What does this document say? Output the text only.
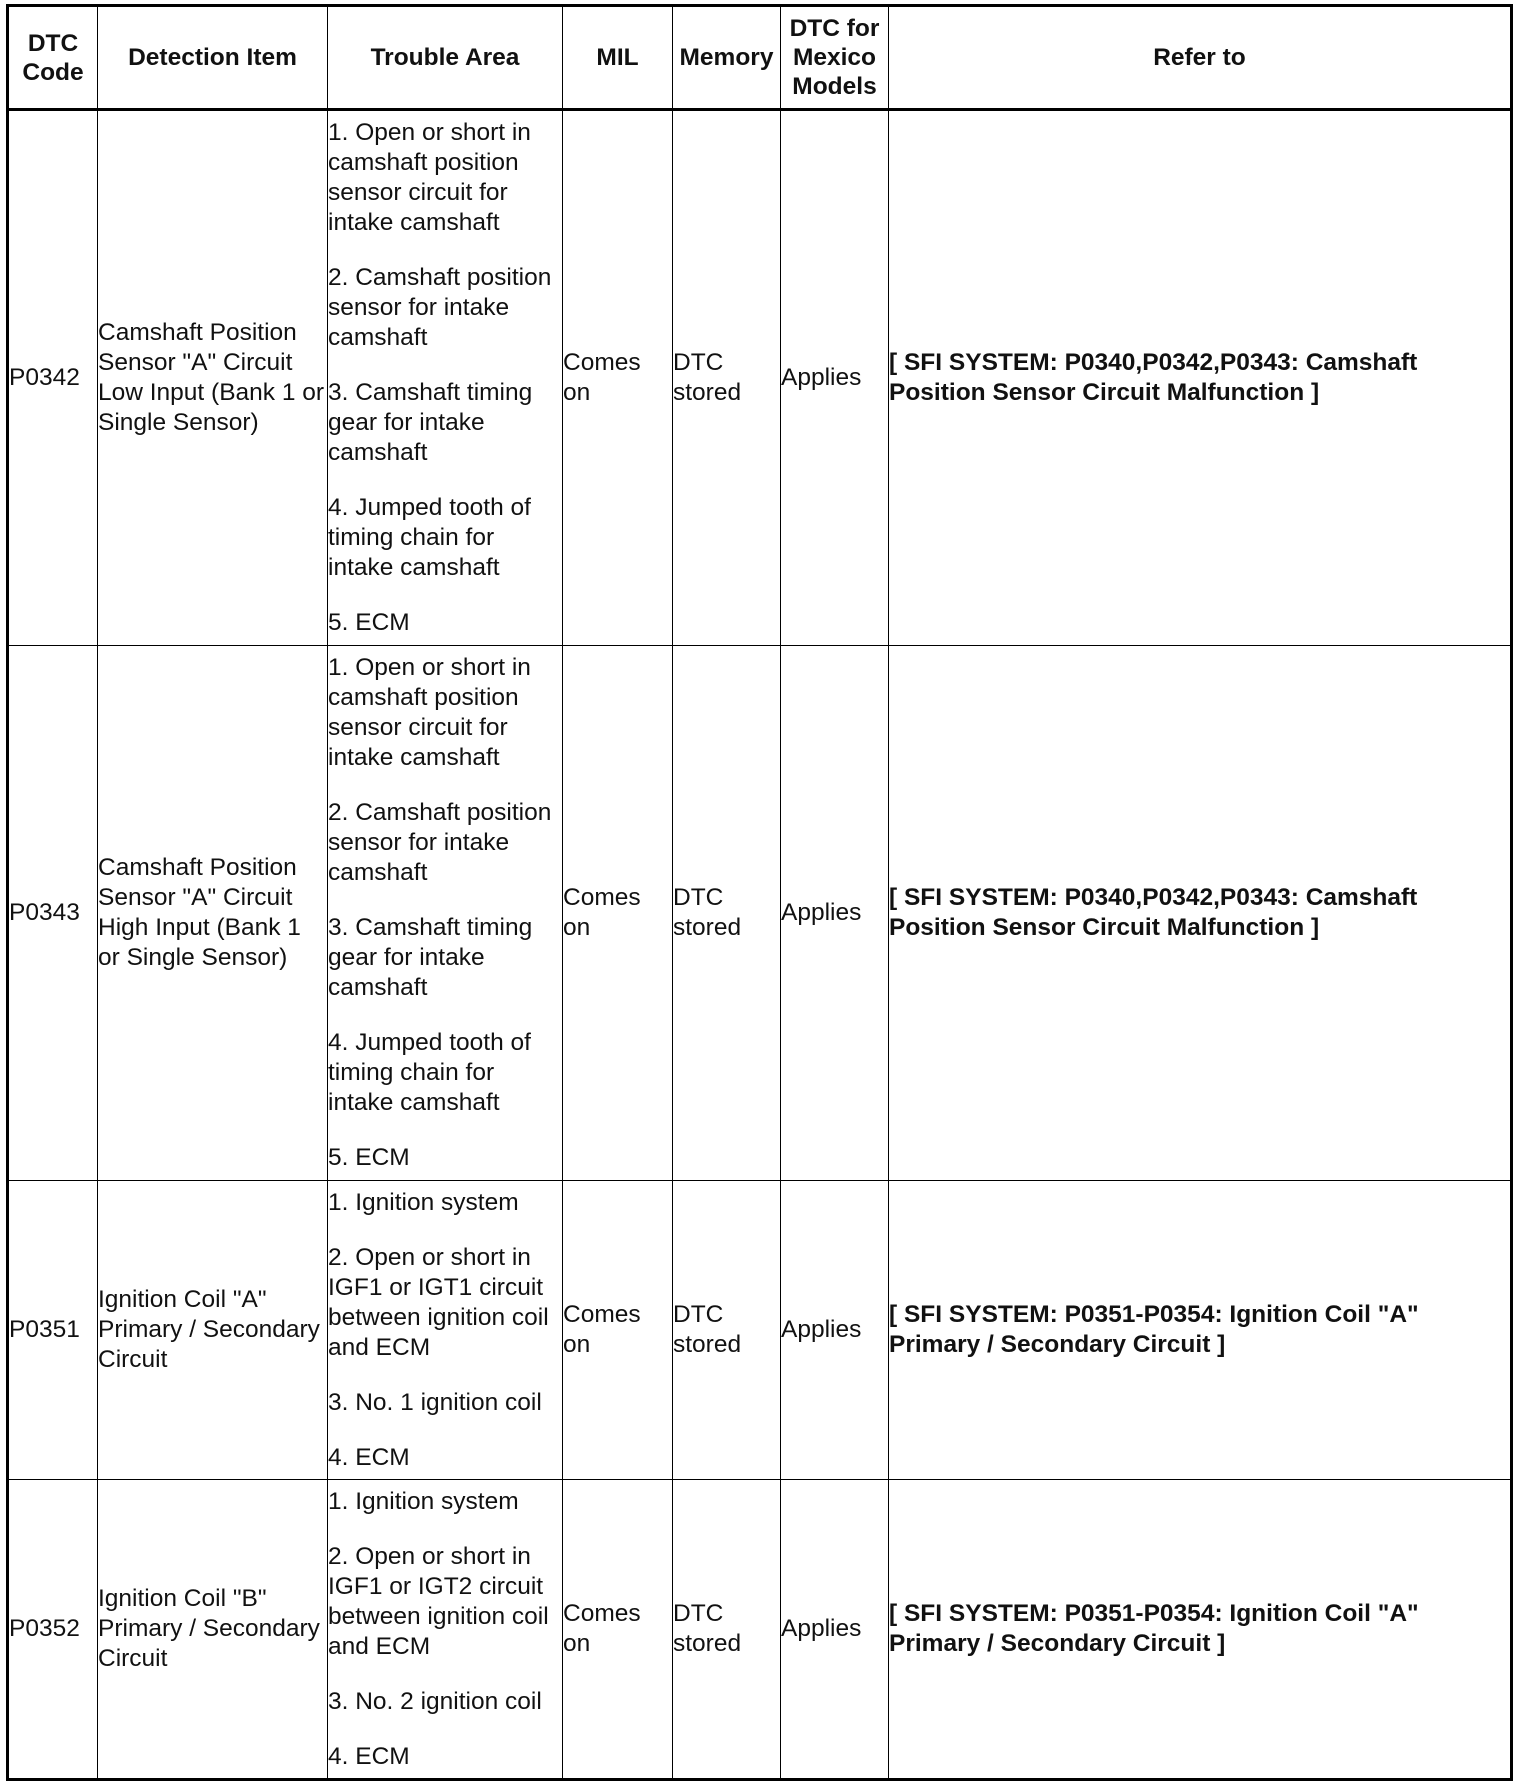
DTC Code	Detection Item	Trouble Area	MIL	Memory	DTC for Mexico Models	Refer to
P0342	Camshaft Position Sensor "A" Circuit Low Input (Bank 1 or Single Sensor)	1. Open or short in camshaft position sensor circuit for intake camshaft

2. Camshaft position sensor for intake camshaft

3. Camshaft timing gear for intake camshaft

4. Jumped tooth of timing chain for intake camshaft

5. ECM	Comes on	DTC stored	Applies	[ SFI SYSTEM: P0340,P0342,P0343: Camshaft Position Sensor Circuit Malfunction ]
P0343	Camshaft Position Sensor "A" Circuit High Input (Bank 1 or Single Sensor)	1. Open or short in camshaft position sensor circuit for intake camshaft

2. Camshaft position sensor for intake camshaft

3. Camshaft timing gear for intake camshaft

4. Jumped tooth of timing chain for intake camshaft

5. ECM	Comes on	DTC stored	Applies	[ SFI SYSTEM: P0340,P0342,P0343: Camshaft Position Sensor Circuit Malfunction ]
P0351	Ignition Coil "A" Primary / Secondary Circuit	1. Ignition system

2. Open or short in IGF1 or IGT1 circuit between ignition coil and ECM

3. No. 1 ignition coil

4. ECM	Comes on	DTC stored	Applies	[ SFI SYSTEM: P0351-P0354: Ignition Coil "A" Primary / Secondary Circuit ]
P0352	Ignition Coil "B" Primary / Secondary Circuit	1. Ignition system

2. Open or short in IGF1 or IGT2 circuit between ignition coil and ECM

3. No. 2 ignition coil

4. ECM	Comes on	DTC stored	Applies	[ SFI SYSTEM: P0351-P0354: Ignition Coil "A" Primary / Secondary Circuit ]
